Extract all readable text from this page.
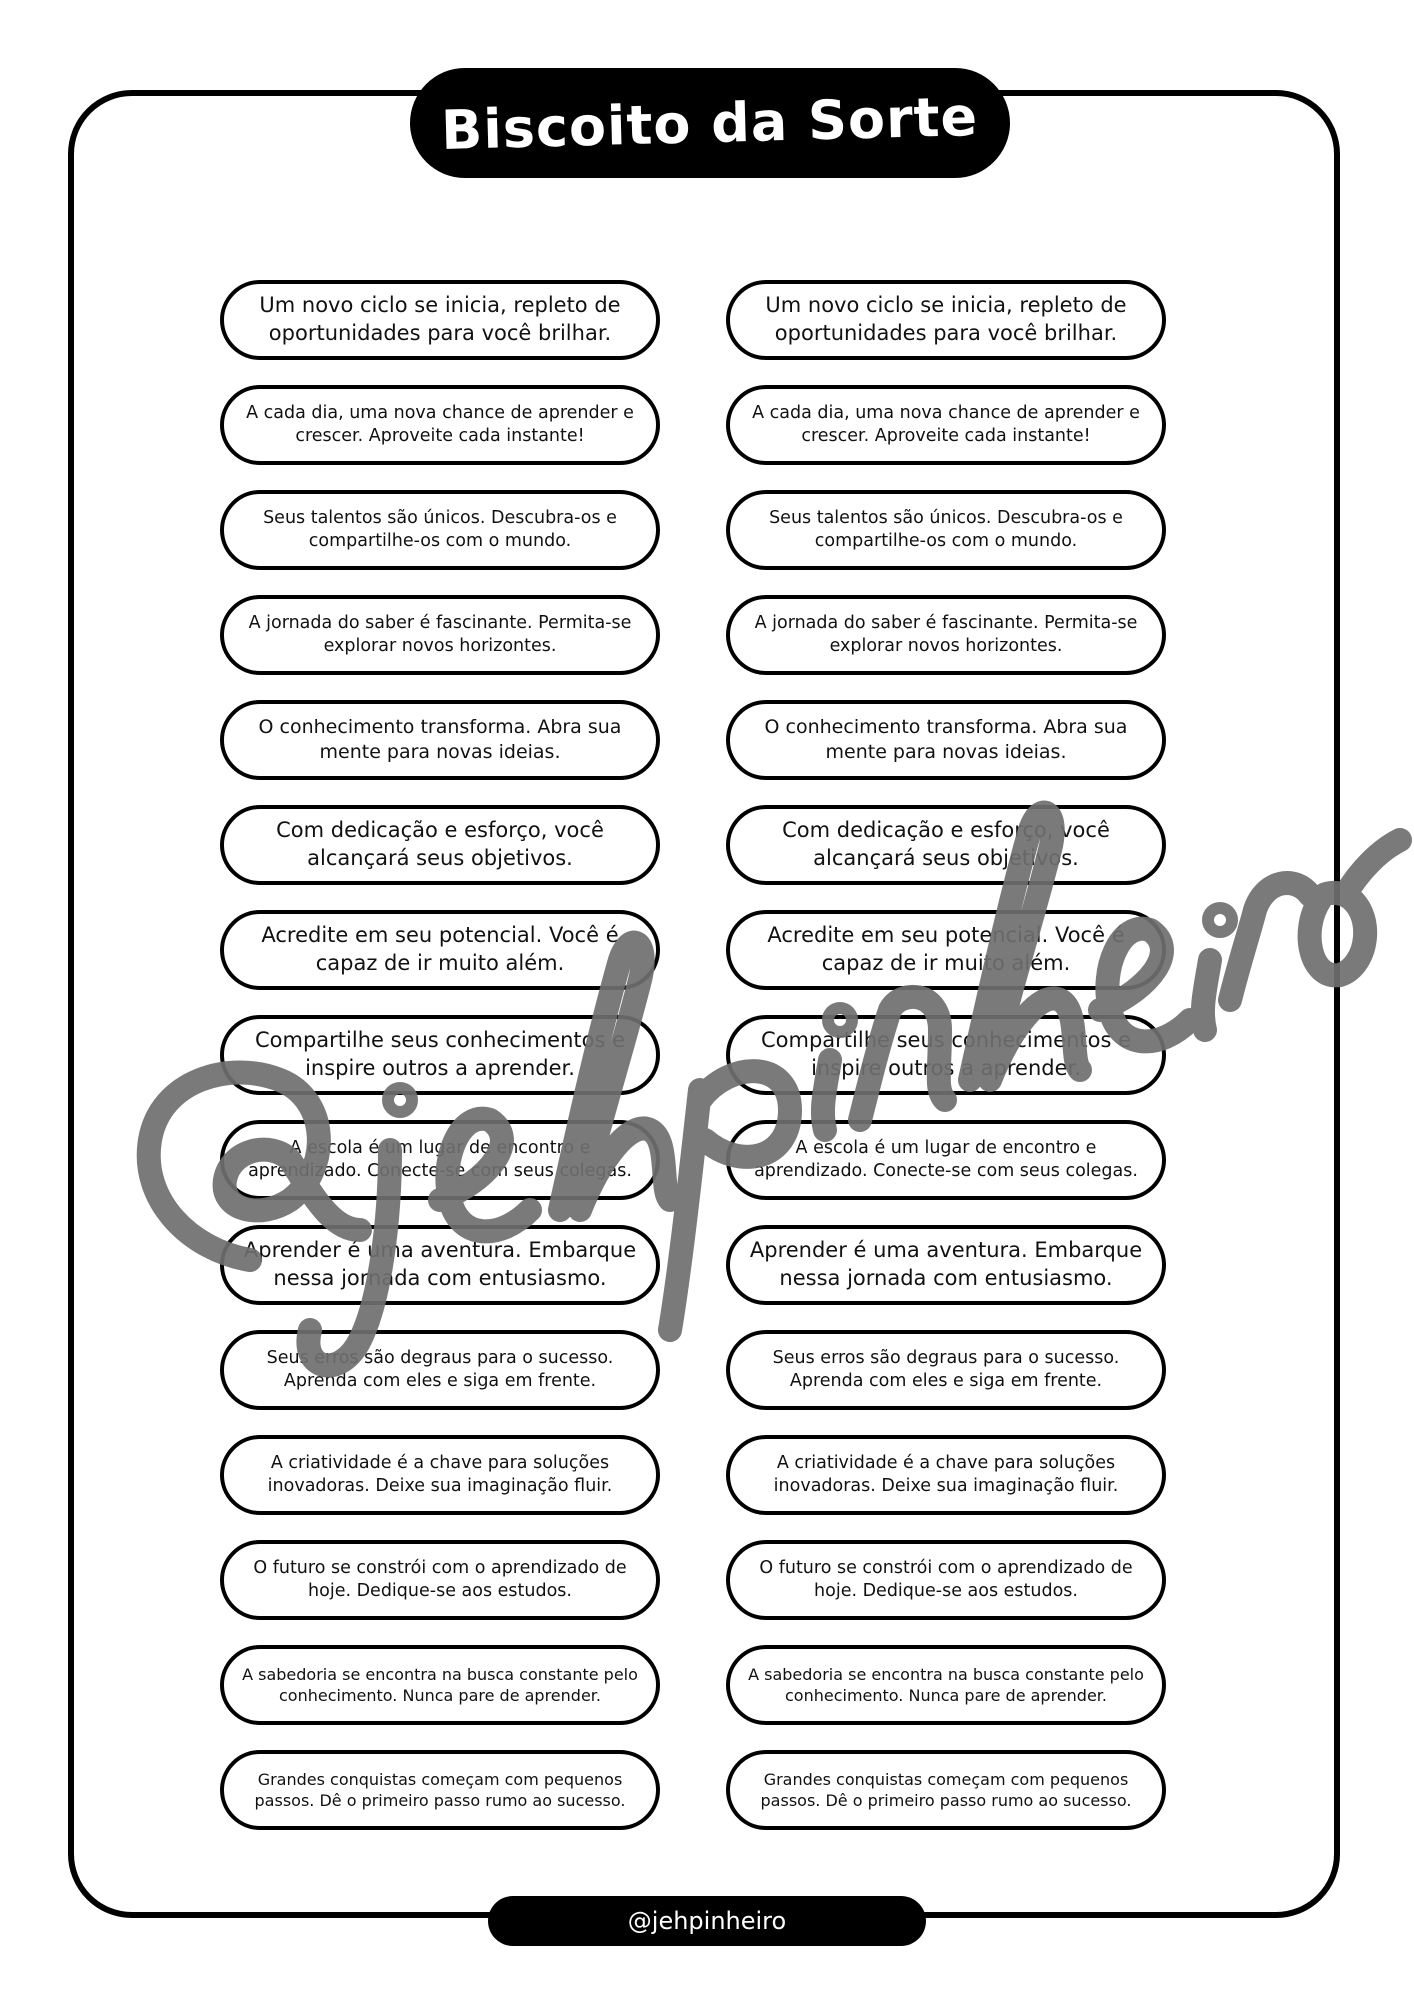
Biscoito da Sorte
Um novo ciclo se inicia, repleto de oportunidades para você brilhar.
Um novo ciclo se inicia, repleto de oportunidades para você brilhar.
A cada dia, uma nova chance de aprender e crescer. Aproveite cada instante!
A cada dia, uma nova chance de aprender e crescer. Aproveite cada instante!
Seus talentos são únicos. Descubra-os e compartilhe-os com o mundo.
Seus talentos são únicos. Descubra-os e compartilhe-os com o mundo.
A jornada do saber é fascinante. Permita-se explorar novos horizontes.
A jornada do saber é fascinante. Permita-se explorar novos horizontes.
O conhecimento transforma. Abra sua mente para novas ideias.
O conhecimento transforma. Abra sua mente para novas ideias.
Com dedicação e esforço, você alcançará seus objetivos.
Com dedicação e esforço, você alcançará seus objetivos.
Acredite em seu potencial. Você é capaz de ir muito além.
Acredite em seu potencial. Você é capaz de ir muito além.
Compartilhe seus conhecimentos e inspire outros a aprender.
Compartilhe seus conhecimentos e inspire outros a aprender.
A escola é um lugar de encontro e aprendizado. Conecte-se com seus colegas.
A escola é um lugar de encontro e aprendizado. Conecte-se com seus colegas.
Aprender é uma aventura. Embarque nessa jornada com entusiasmo.
Aprender é uma aventura. Embarque nessa jornada com entusiasmo.
Seus erros são degraus para o sucesso. Aprenda com eles e siga em frente.
Seus erros são degraus para o sucesso. Aprenda com eles e siga em frente.
A criatividade é a chave para soluções inovadoras. Deixe sua imaginação fluir.
A criatividade é a chave para soluções inovadoras. Deixe sua imaginação fluir.
O futuro se constrói com o aprendizado de hoje. Dedique-se aos estudos.
O futuro se constrói com o aprendizado de hoje. Dedique-se aos estudos.
A sabedoria se encontra na busca constante pelo conhecimento. Nunca pare de aprender.
A sabedoria se encontra na busca constante pelo conhecimento. Nunca pare de aprender.
Grandes conquistas começam com pequenos passos. Dê o primeiro passo rumo ao sucesso.
Grandes conquistas começam com pequenos passos. Dê o primeiro passo rumo ao sucesso.
@jehpinheiro
